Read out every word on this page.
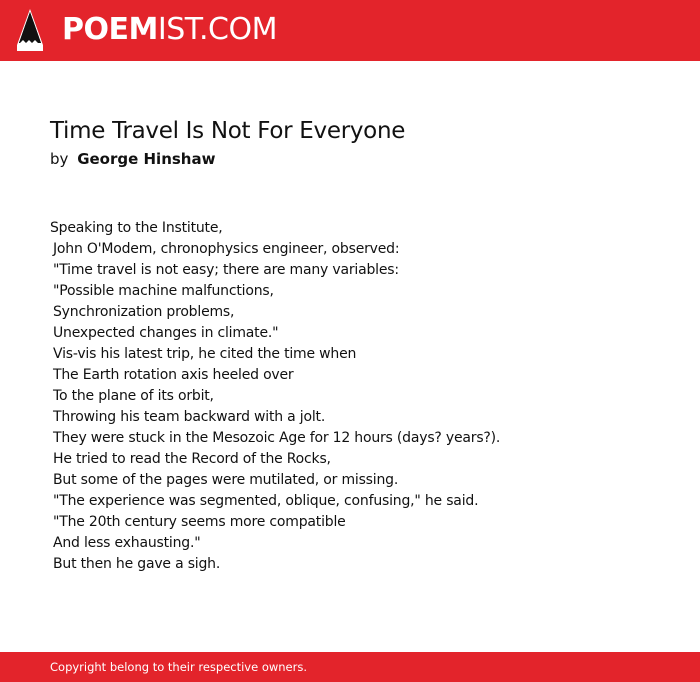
POEMIST.COM
Time Travel Is Not For Everyone
by George Hinshaw
Speaking to the Institute,
John O'Modem, chronophysics engineer, observed:
"Time travel is not easy; there are many variables:
"Possible machine malfunctions,
Synchronization problems,
Unexpected changes in climate."
Vis-vis his latest trip, he cited the time when
The Earth rotation axis heeled over
To the plane of its orbit,
Throwing his team backward with a jolt.
They were stuck in the Mesozoic Age for 12 hours (days? years?).
He tried to read the Record of the Rocks,
But some of the pages were mutilated, or missing.
"The experience was segmented, oblique, confusing," he said.
"The 20th century seems more compatible
And less exhausting."
But then he gave a sigh.
Copyright belong to their respective owners.
